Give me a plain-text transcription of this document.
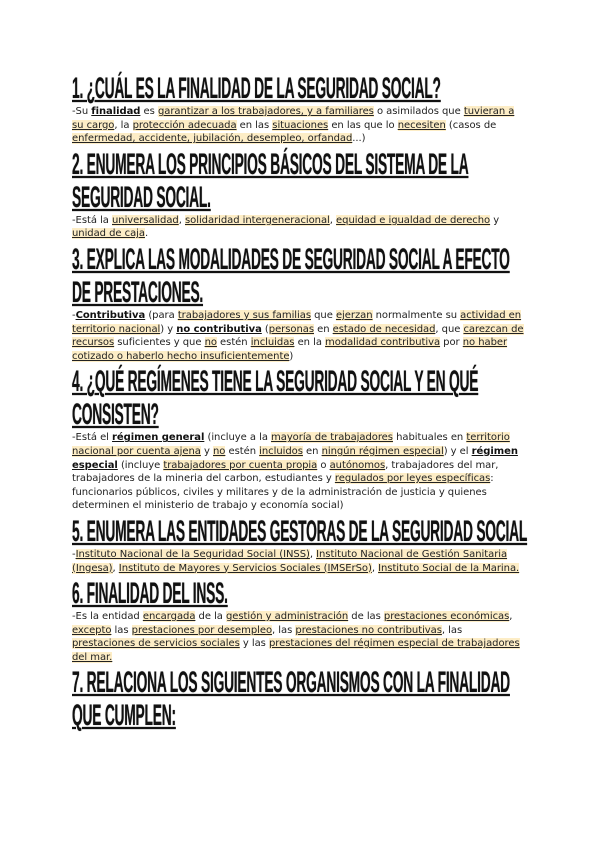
1. ¿CUÁL ES LA FINALIDAD DE LA SEGURIDAD SOCIAL?

-Su finalidad es garantizar a los trabajadores, y a familiares o asimilados que tuvieran a su cargo, la protección adecuada en las situaciones en las que lo necesiten (casos de enfermedad, accidente, jubilación, desempleo, orfandad...)

2. ENUMERA LOS PRINCIPIOS BÁSICOS DEL SISTEMA DE LA SEGURIDAD SOCIAL.

-Está la universalidad, solidaridad intergeneracional, equidad e igualdad de derecho y unidad de caja.

3. EXPLICA LAS MODALIDADES DE SEGURIDAD SOCIAL A EFECTO DE PRESTACIONES.

-Contributiva (para trabajadores y sus familias que ejerzan normalmente su actividad en territorio nacional) y no contributiva (personas en estado de necesidad, que carezcan de recursos suficientes y que no estén incluidas en la modalidad contributiva por no haber cotizado o haberlo hecho insuficientemente)

4. ¿QUÉ REGÍMENES TIENE LA SEGURIDAD SOCIAL Y EN QUÉ CONSISTEN?

-Está el régimen general (incluye a la mayoría de trabajadores habituales en territorio nacional por cuenta ajena y no estén incluidos en ningún régimen especial) y el régimen especial (incluye trabajadores por cuenta propia o autónomos, trabajadores del mar, trabajadores de la mineria del carbon, estudiantes y regulados por leyes específicas: funcionarios públicos, civiles y militares y de la administración de justicia y quienes determinen el ministerio de trabajo y economía social)

5. ENUMERA LAS ENTIDADES GESTORAS DE LA SEGURIDAD SOCIAL

-Instituto Nacional de la Seguridad Social (INSS), Instituto Nacional de Gestión Sanitaria (Ingesa), Instituto de Mayores y Servicios Sociales (IMSErSo), Instituto Social de la Marina.

6. FINALIDAD DEL INSS.

-Es la entidad encargada de la gestión y administración de las prestaciones económicas, excepto las prestaciones por desempleo, las prestaciones no contributivas, las prestaciones de servicios sociales y las prestaciones del régimen especial de trabajadores del mar.

7. RELACIONA LOS SIGUIENTES ORGANISMOS CON LA FINALIDAD QUE CUMPLEN:
